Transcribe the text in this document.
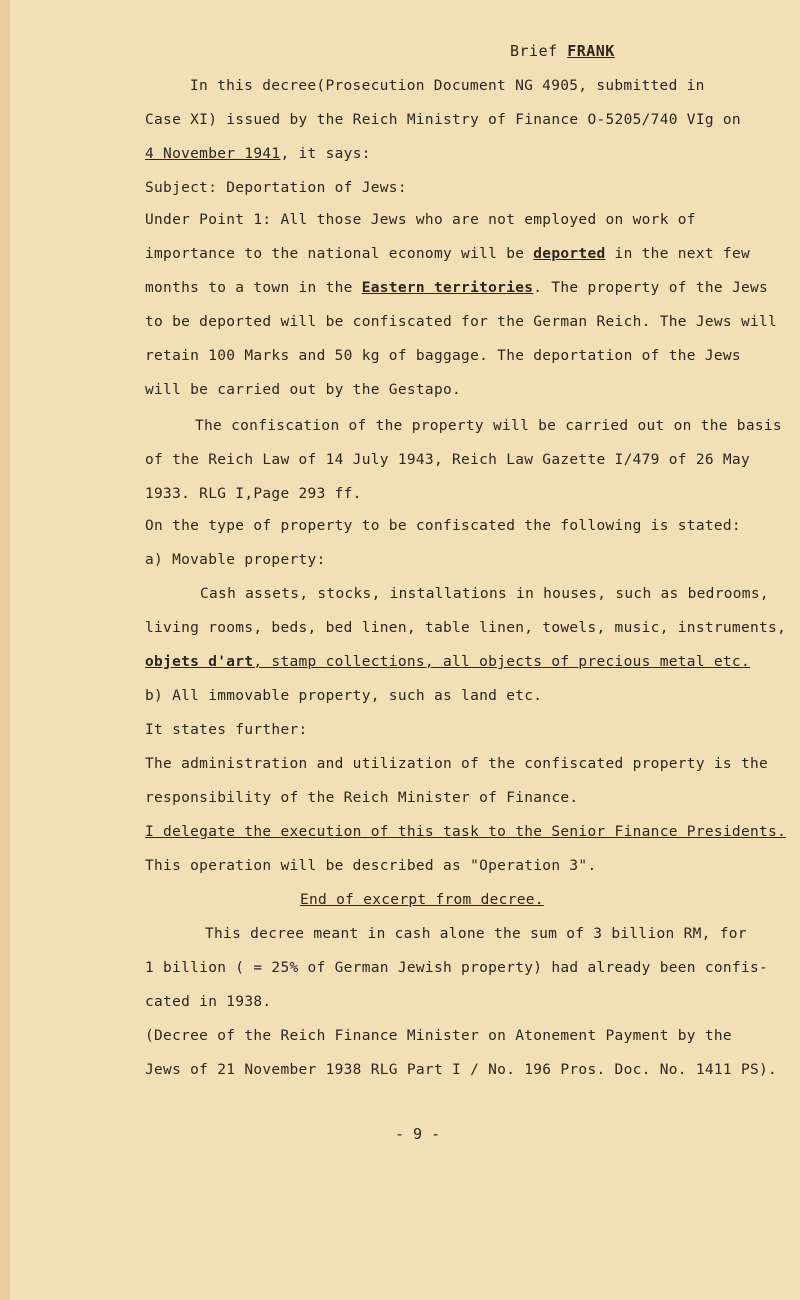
Brief FRANK
In this decree(Prosecution Document NG 4905, submitted in
Case XI) issued by the Reich Ministry of Finance O-5205/740 VIg on
4 November 1941, it says:
Subject: Deportation of Jews:
Under Point 1: All those Jews who are not employed on work of
importance to the national economy will be deported in the next few
months to a town in the Eastern territories. The property of the Jews
to be deported will be confiscated for the German Reich. The Jews will
retain 100 Marks and 50 kg of baggage. The deportation of the Jews
will be carried out by the Gestapo.
The confiscation of the property will be carried out on the basis
of the Reich Law of 14 July 1943, Reich Law Gazette I/479 of 26 May
1933. RLG I,Page 293 ff.
On the type of property to be confiscated the following is stated:
a) Movable property:
Cash assets, stocks, installations in houses, such as bedrooms,
living rooms, beds, bed linen, table linen, towels, music, instruments,
objets d'art, stamp collections, all objects of precious metal etc.
b) All immovable property, such as land etc.
It states further:
The administration and utilization of the confiscated property is the
responsibility of the Reich Minister of Finance.
I delegate the execution of this task to the Senior Finance Presidents.
This operation will be described as "Operation 3".
End of excerpt from decree.
This decree meant in cash alone the sum of 3 billion RM, for
1 billion ( = 25% of German Jewish property) had already been confis-
cated in 1938.
(Decree of the Reich Finance Minister on Atonement Payment by the
Jews of 21 November 1938 RLG Part I / No. 196 Pros. Doc. No. 1411 PS).
- 9 -
